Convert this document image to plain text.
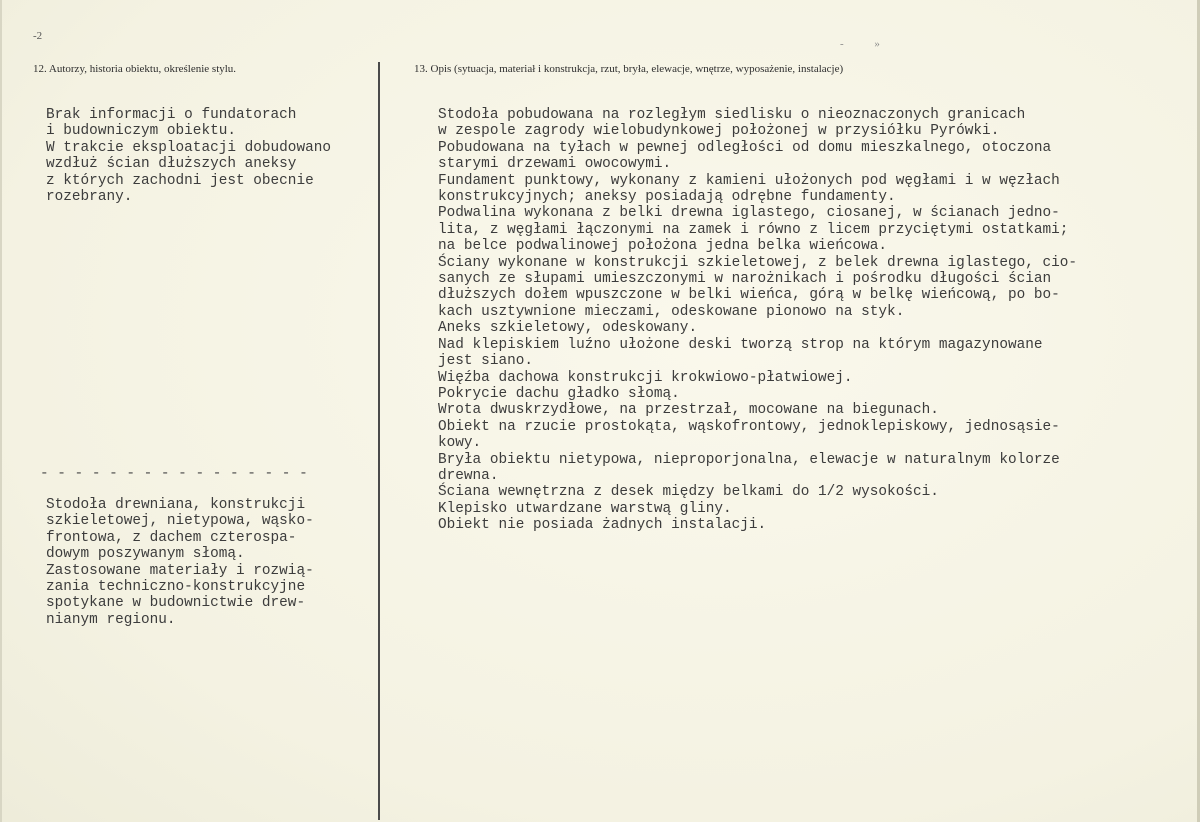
-2
- »
12. Autorzy, historia obiektu, określenie stylu.	13. Opis (sytuacja, materiał i konstrukcja, rzut, bryła, elewacje, wnętrze, wyposażenie, instalacje)
Brak informacji o fundatorach
i budowniczym obiektu.
W trakcie eksploatacji dobudowano
wzdłuż ścian dłuższych aneksy
z których zachodni jest obecnie
rozebrany.
- - - - - - - - - - - - - - - -
Stodoła drewniana, konstrukcji
szkieletowej, nietypowa, wąsko-
frontowa, z dachem czterospa-
dowym poszywanym słomą.
Zastosowane materiały i rozwią-
zania techniczno-konstrukcyjne
spotykane w budownictwie drew-
nianym regionu.
Stodoła pobudowana na rozległym siedlisku o nieoznaczonych granicach
w zespole zagrody wielobudynkowej położonej w przysiółku Pyrówki.
Pobudowana na tyłach w pewnej odległości od domu mieszkalnego, otoczona
starymi drzewami owocowymi.
Fundament punktowy, wykonany z kamieni ułożonych pod węgłami i w węzłach
konstrukcyjnych; aneksy posiadają odrębne fundamenty.
Podwalina wykonana z belki drewna iglastego, ciosanej, w ścianach jedno-
lita, z węgłami łączonymi na zamek i równo z licem przyciętymi ostatkami;
na belce podwalinowej położona jedna belka wieńcowa.
Ściany wykonane w konstrukcji szkieletowej, z belek drewna iglastego, cio-
sanych ze słupami umieszczonymi w narożnikach i pośrodku długości ścian
dłuższych dołem wpuszczone w belki wieńca, górą w belkę wieńcową, po bo-
kach usztywnione mieczami, odeskowane pionowo na styk.
Aneks szkieletowy, odeskowany.
Nad klepiskiem luźno ułożone deski tworzą strop na którym magazynowane
jest siano.
Więźba dachowa konstrukcji krokwiowo-płatwiowej.
Pokrycie dachu gładko słomą.
Wrota dwuskrzydłowe, na przestrzał, mocowane na biegunach.
Obiekt na rzucie prostokąta, wąskofrontowy, jednoklepiskowy, jednosąsie-
kowy.
Bryła obiektu nietypowa, nieproporjonalna, elewacje w naturalnym kolorze
drewna.
Ściana wewnętrzna z desek między belkami do 1/2 wysokości.
Klepisko utwardzane warstwą gliny.
Obiekt nie posiada żadnych instalacji.
